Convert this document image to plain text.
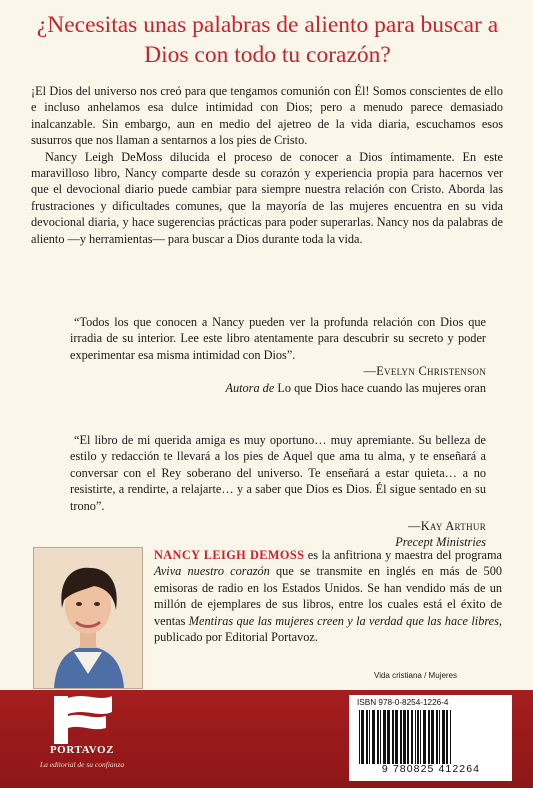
¿Necesitas unas palabras de aliento para buscar a Dios con todo tu corazón?

¡El Dios del universo nos creó para que tengamos comunión con Él! Somos conscientes de ello e incluso anhelamos esa dulce intimidad con Dios; pero a menudo parece demasiado inalcanzable. Sin embargo, aun en medio del ajetreo de la vida diaria, escuchamos esos susurros que nos llaman a sentarnos a los pies de Cristo.

Nancy Leigh DeMoss dilucida el proceso de conocer a Dios íntimamente. En este maravilloso libro, Nancy comparte desde su corazón y experiencia propia para hacernos ver que el devocional diario puede cambiar para siempre nuestra relación con Cristo. Aborda las frustraciones y dificultades comunes, que la mayoría de las mujeres encuentra en su vida devocional diaria, y hace sugerencias prácticas para poder superarlas. Nancy nos da palabras de aliento —y herramientas— para buscar a Dios durante toda la vida.

“Todos los que conocen a Nancy pueden ver la profunda relación con Dios que irradia de su interior. Lee este libro atentamente para descubrir su secreto y poder experimentar esa misma intimidad con Dios”.

—Evelyn Christenson
Autora de Lo que Dios hace cuando las mujeres oran

“El libro de mi querida amiga es muy oportuno… muy apremiante. Su belleza de estilo y redacción te llevará a los pies de Aquel que ama tu alma, y te enseñará a conversar con el Rey soberano del universo. Te enseñará a estar quieta… a no resistirte, a rendirte, a relajarte… y a saber que Dios es Dios. Él sigue sentado en su trono”.

—Kay Arthur
Precept Ministries

NANCY LEIGH DEMOSS es la anfitriona y maestra del programa Aviva nuestro corazón que se transmite en inglés en más de 500 emisoras de radio en los Estados Unidos. Se han vendido más de un millón de ejemplares de sus libros, entre los cuales está el éxito de ventas Mentiras que las mujeres creen y la verdad que las hace libres, publicado por Editorial Portavoz.

Vida cristiana / Mujeres
PORTAVOZ
La editorial de su confianza
ISBN 978-0-8254-1226-4
9 780825 412264
